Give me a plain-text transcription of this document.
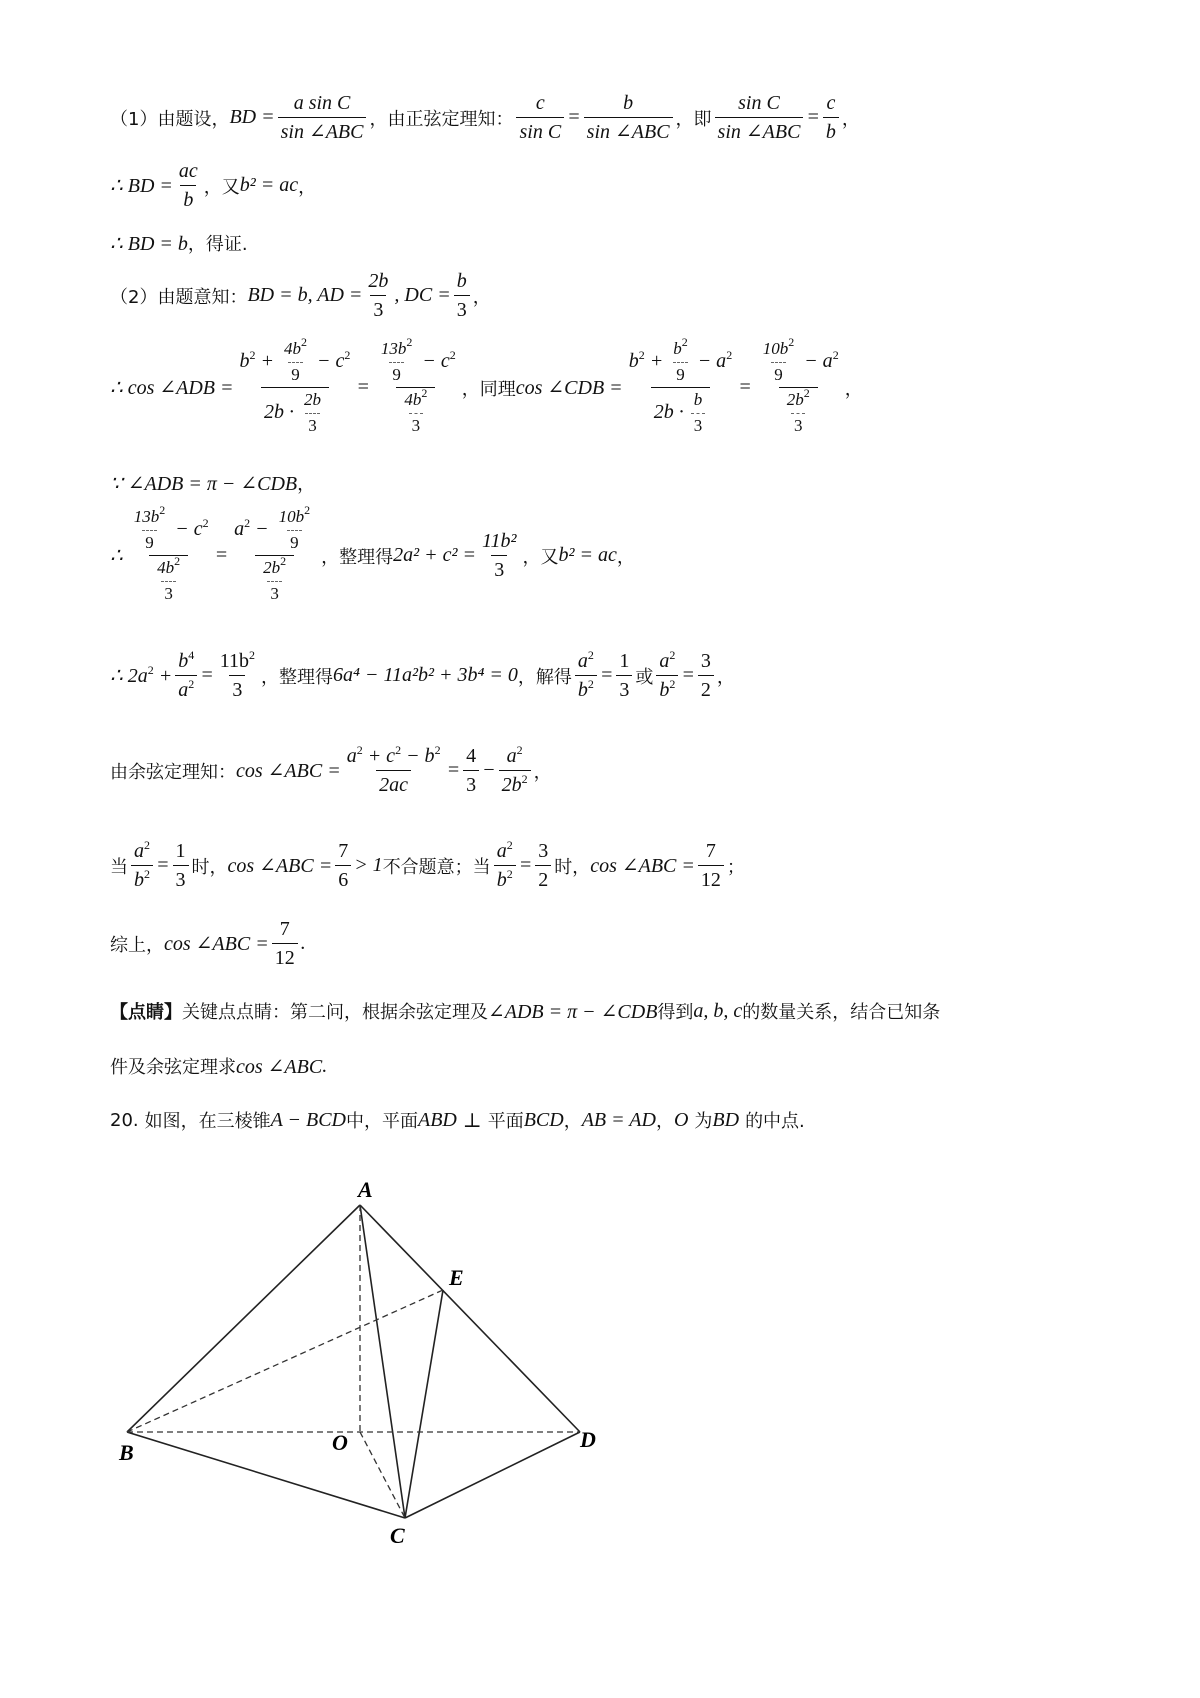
（1）由题设， BD = $\frac{\text{a sin C}}{\text{sin ∠ABC}}$ ，由正弦定理知： $\frac{c}{\text{sin C}} = \frac{b}{\text{sin ∠ABC}}$ ，即 $\frac{\text{sin C}}{\text{sin ∠ABC}} = \frac{c}{b}$ ，
∴ BD = $\frac{ac}{b}$ ，又 b² = ac ，
∴ BD = b ，得证.
（2）由题意知： BD = b, AD = $\frac{2b}{3}$ , DC = $\frac{b}{3}$ ，
∴ cos ∠ADB = $\frac{b^2 + \frac{4b^2}{9} - c^2}{2b \cdot \frac{2b}{3}} = \frac{\frac{13b^2}{9} - c^2}{\frac{4b^2}{3}}$ ，同理 cos ∠CDB = $\frac{b^2 + \frac{b^2}{9} - a^2}{2b \cdot \frac{b}{3}} = \frac{\frac{10b^2}{9} - a^2}{\frac{2b^2}{3}}$ ，
∵ ∠ADB = π − ∠CDB ，
∴ $\frac{\frac{13b^2}{9} - c^2}{\frac{4b^2}{3}} = \frac{a^2 - \frac{10b^2}{9}}{\frac{2b^2}{3}}$ ，整理得 $2a^2 + c^2 = \frac{\text{11b²}}{3}$ ，又 b² = ac ，
∴ $2a^2 + \frac{b^4}{a^2} = \frac{11b^2}{3}$ ，整理得 6a⁴ − 11a²b² + 3b⁴ = 0 ，解得 $\frac{a^2}{b^2} = \frac{1}{3}$ 或 $\frac{a^2}{b^2} = \frac{3}{2}$ ，
由余弦定理知： cos ∠ABC = $\frac{a^2 + c^2 - b^2}{2ac} = \frac{4}{3} - \frac{a^2}{2b^2}$ ，
当 $\frac{a^2}{b^2} = \frac{1}{3}$ 时， cos ∠ABC = $\frac{7}{6} > 1$ 不合题意；当 $\frac{a^2}{b^2} = \frac{3}{2}$ 时， cos ∠ABC = $\frac{7}{12}$ ；
综上， cos ∠ABC = $\frac{7}{12}$ .
【点睛】 关键点点睛：第二问，根据余弦定理及 ∠ADB = π − ∠CDB 得到 a, b, c 的数量关系，结合已知条
件及余弦定理求 cos ∠ABC .
20. 如图，在三棱锥 A − BCD 中，平面 ABD ⊥ 平面 BCD ， AB = AD ， O 为 BD 的中点.
A
E
B	O	D
C
